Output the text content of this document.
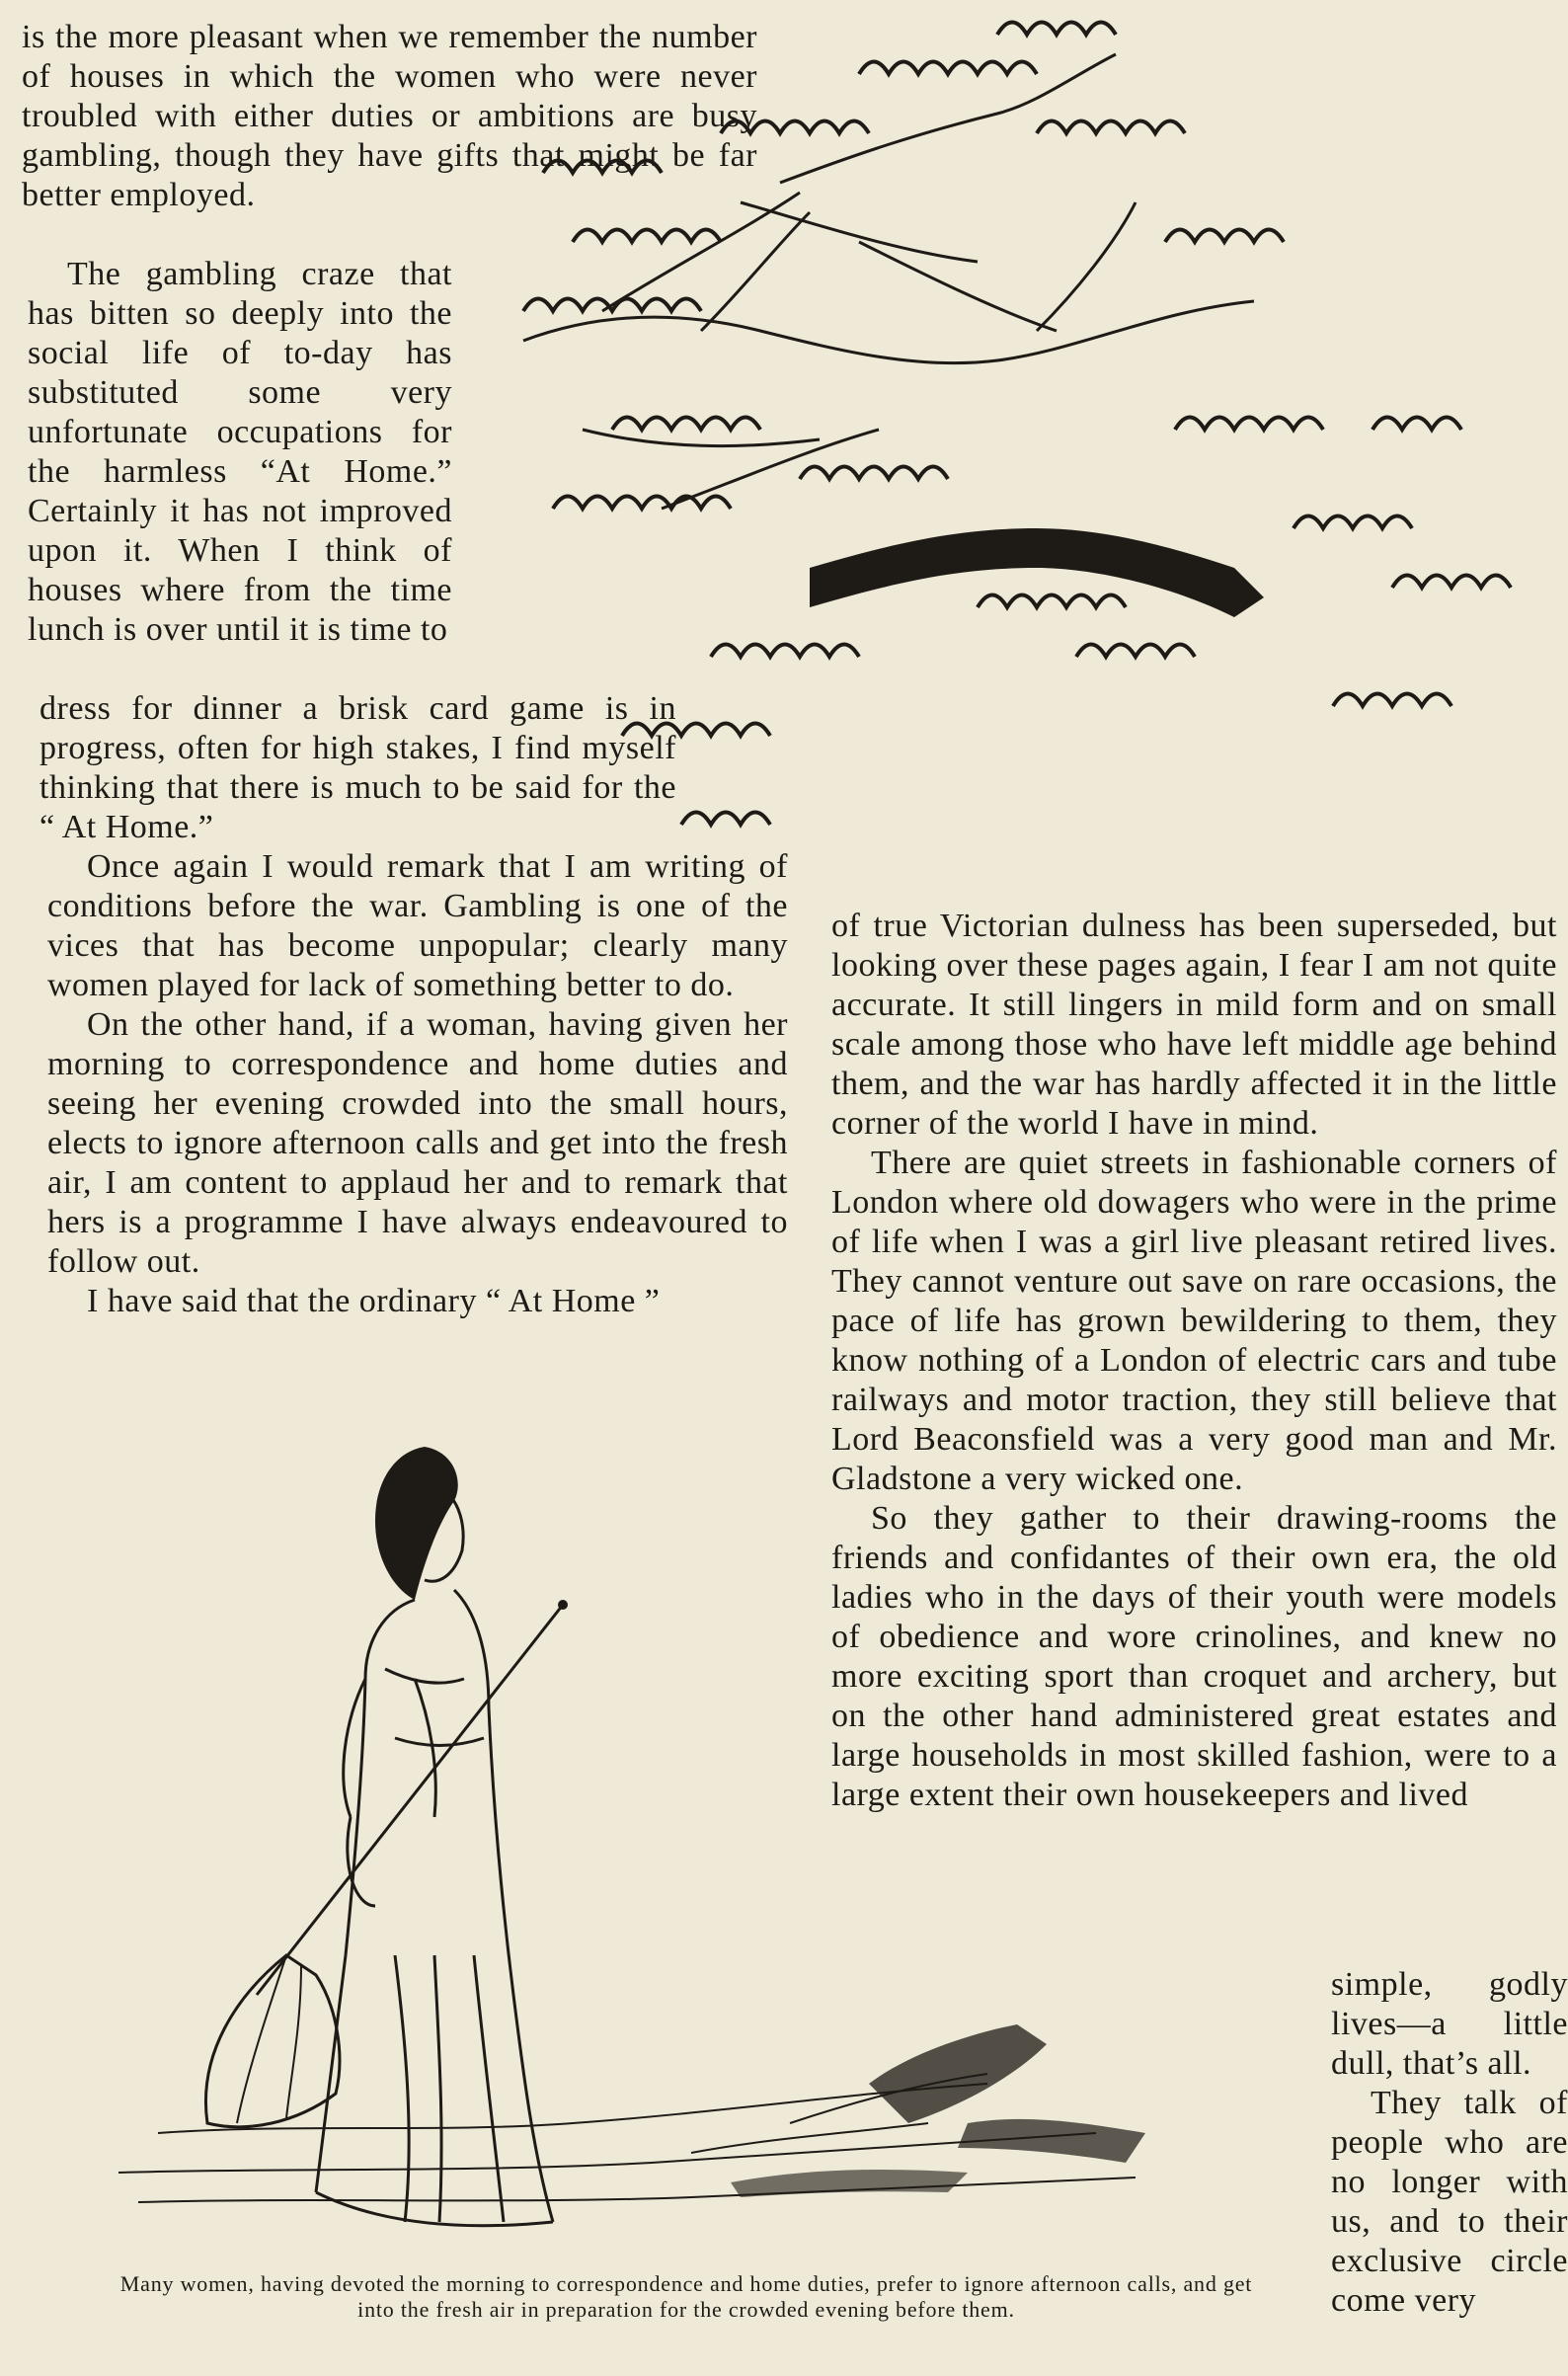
is the more pleasant when we remember the number of houses in which the women who were never troubled with either duties or ambitions are busy gambling, though they have gifts that might be far better employed.

The gambling craze that has bitten so deeply into the social life of to-day has substituted some very unfortunate occupations for the harmless “At Home.” Certainly it has not improved upon it. When I think of houses where from the time lunch is over until it is time to

dress for dinner a brisk card game is in progress, often for high stakes, I find myself thinking that there is much to be said for the “ At Home.”

Once again I would remark that I am writing of conditions before the war. Gambling is one of the vices that has become unpopular; clearly many women played for lack of something better to do.

On the other hand, if a woman, having given her morning to correspondence and home duties and seeing her evening crowded into the small hours, elects to ignore afternoon calls and get into the fresh air, I am content to applaud her and to remark that hers is a programme I have always endeavoured to follow out.

I have said that the ordinary “ At Home ”

of true Victorian dulness has been superseded, but looking over these pages again, I fear I am not quite accurate. It still lingers in mild form and on small scale among those who have left middle age behind them, and the war has hardly affected it in the little corner of the world I have in mind.

There are quiet streets in fashionable corners of London where old dowagers who were in the prime of life when I was a girl live pleasant retired lives. They cannot venture out save on rare occasions, the pace of life has grown bewildering to them, they know nothing of a London of electric cars and tube railways and motor traction, they still believe that Lord Beaconsfield was a very good man and Mr. Gladstone a very wicked one.

So they gather to their drawing-rooms the friends and confidantes of their own era, the old ladies who in the days of their youth were models of obedience and wore crinolines, and knew no more exciting sport than croquet and archery, but on the other hand administered great estates and large households in most skilled fashion, were to a large extent their own housekeepers and lived

simple, godly lives—a little dull, that’s all.

They talk of people who are no longer with us, and to their exclusive circle come very

Many women, having devoted the morning to correspondence and home duties, prefer to ignore afternoon calls, and get into the fresh air in preparation for the crowded evening before them.
